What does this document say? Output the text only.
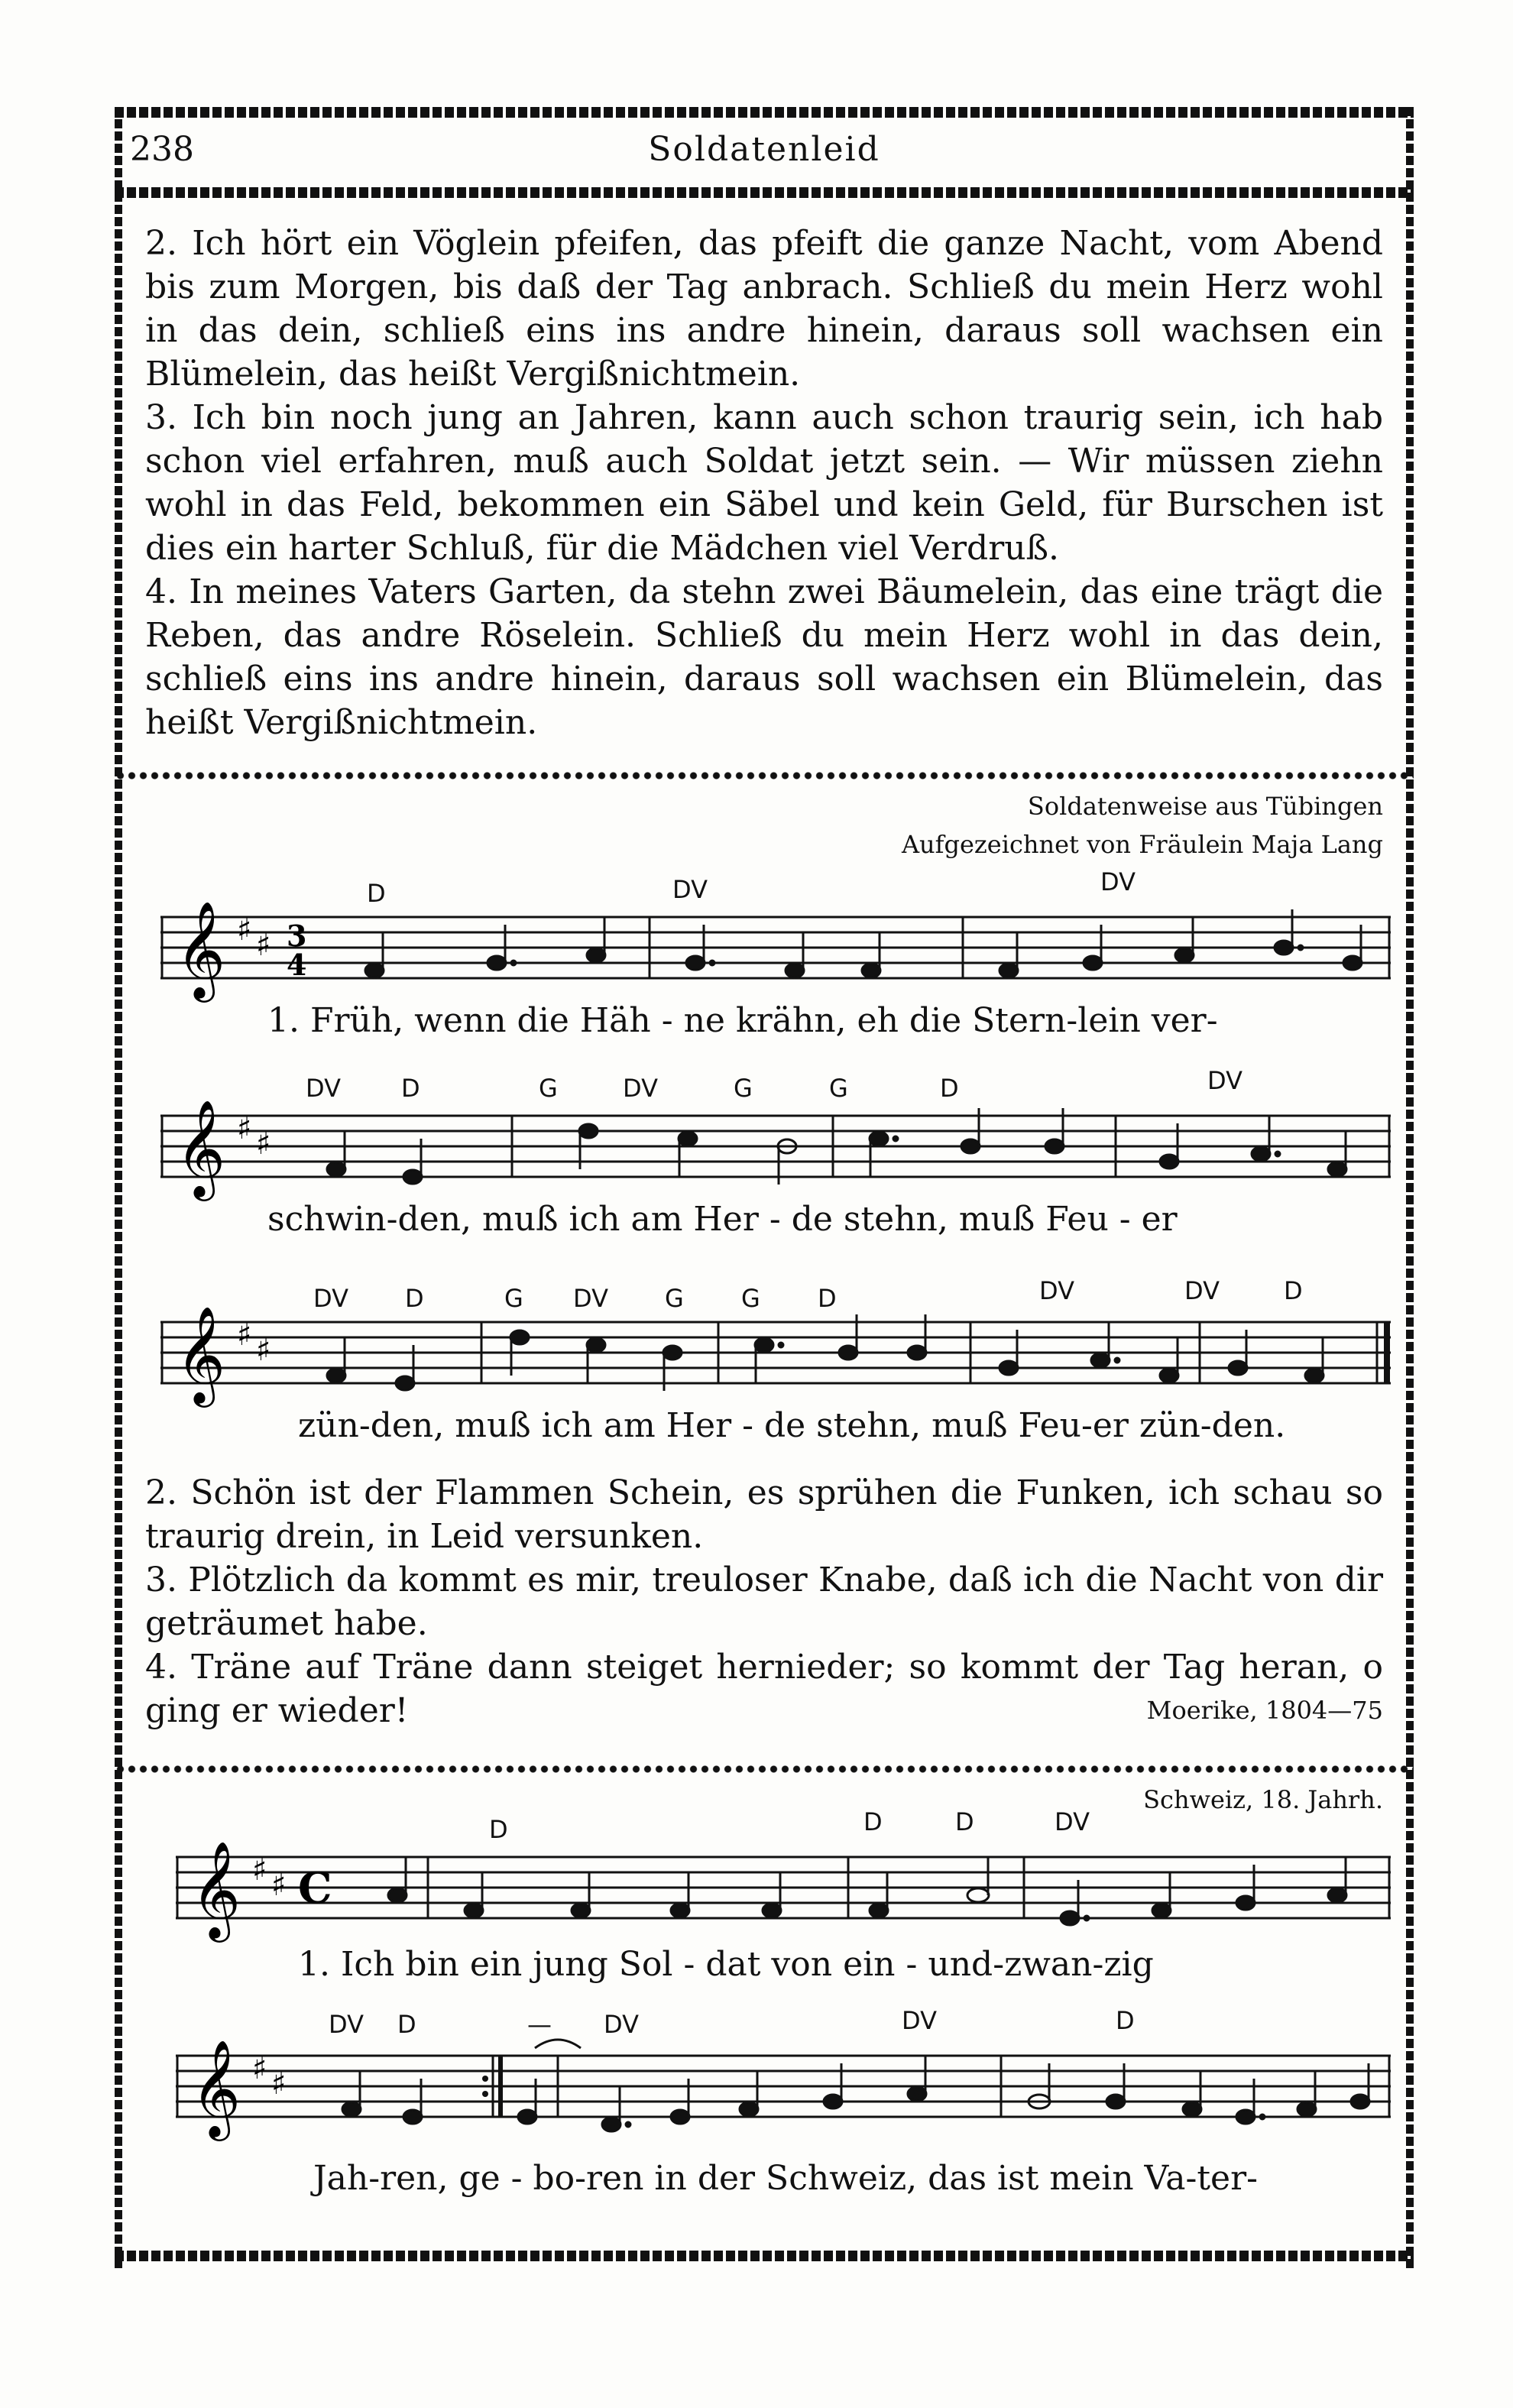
238	Soldatenleid

2. Ich hört ein Vöglein pfeifen, das pfeift die ganze Nacht, vom Abend bis zum Morgen, bis daß der Tag anbrach. Schließ du mein Herz wohl in das dein, schließ eins ins andre hinein, daraus soll wachsen ein Blümelein, das heißt Vergißnichtmein.

3. Ich bin noch jung an Jahren, kann auch schon traurig sein, ich hab schon viel erfahren, muß auch Soldat jetzt sein. — Wir müssen ziehn wohl in das Feld, bekommen ein Säbel und kein Geld, für Burschen ist dies ein harter Schluß, für die Mädchen viel Verdruß.

4. In meines Vaters Garten, da stehn zwei Bäumelein, das eine trägt die Reben, das andre Röselein. Schließ du mein Herz wohl in das dein, schließ eins ins andre hinein, daraus soll wachsen ein Blümelein, das heißt Vergißnichtmein.

Soldatenweise aus Tübingen
Aufgezeichnet von Fräulein Maja Lang
D	DV	DV
𝄞 ♯ ♯ 3
4
1. Früh, wenn die Häh - ne krähn, eh die Stern-lein ver-
DV D	G	DV	G	G	D	DV
𝄞 ♯ ♯
schwin-den, muß ich am Her - de stehn, muß Feu - er
DV D	G DV G G D	DV	DV	D
𝄞 ♯ ♯
zün-den, muß ich am Her - de stehn, muß Feu-er zün-den.

2. Schön ist der Flammen Schein, es sprühen die Funken, ich schau so traurig drein, in Leid versunken.

3. Plötzlich da kommt es mir, treuloser Knabe, daß ich die Nacht von dir geträumet habe.

4. Träne auf Träne dann steiget hernieder; so kommt der Tag heran, o ging er wieder!	Moerike, 1804—75

Schweiz, 18. Jahrh.
D	D	D	DV
𝄞 ♯ ♯ C
1. Ich bin ein jung Sol - dat von ein - und-zwan-zig
DV D	— DV	DV	D
𝄞 ♯ ♯
Jah-ren, ge - bo-ren in der Schweiz, das ist mein Va-ter-
